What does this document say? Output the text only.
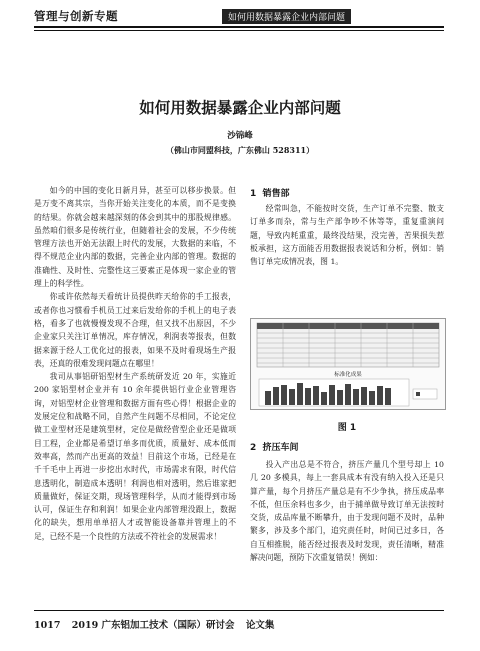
管理与创新专题	如何用数据暴露企业内部问题
如何用数据暴露企业内部问题
沙锦峰
（佛山市同盟科技，广东佛山 528311）

如今的中国的变化日新月异，甚至可以移步换景。但是万变不离其宗，当你开始关注变化的本质，而不是变换的结果。你就会越来越深刻的体会到其中的那股规律感。虽然咱们很多是传统行业，但随着社会的发展，不少传统管理方法也开始无法跟上时代的发展，大数据的来临，不得不规范企业内部的数据，完善企业内部的管理。数据的准确性、及时性、完整性这三要素正是体现一家企业的管理上的科学性。

你或许依然每天看统计员提供昨天给你的手工报表，或者你也习惯看手机员工过来后发给你的手机上的电子表格，看多了也就慢慢发现不合理，但又找不出原因，不少企业家只关注订单情况，库存情况，利润表等报表，但数据来源于经人工优化过的报表，如果不及时看现场生产报表，还真的很难发现问题点在哪里！

我司从事铝研铝型材生产系统研发近 20 年，实施近 200 家铝型材企业并有 10 余年提供铝行业企业管理咨询，对铝型材企业管理和数据方面有些心得！根据企业的发展定位和战略不同，自然产生问题不尽相同，不论定位做工业型材还是建筑型材，定位是做经营型企业还是做项目工程，企业都是希望订单多而优质，质量好、成本低而效率高，然而产出更高的效益！目前这个市场，已经是在千千毛中上再进一步挖出水时代，市场需求有限，时代信息透明化，制造成本透明！利润也相对透明，然后谁家把质量做好，保证交期，现场管理科学，从而才能得到市场认可，保证生存和利润！如果企业内部管理没跟上，数据化的缺失，想用单单招人才或智能设备靠并管理上的不足，已经不是一个良性的方法或不符社会的发展需求！

1 销售部

经常叫急，不能按时交货，生产订单不完整、散支订单多而杂，常与生产部争吵不休等等，重复重演问题，导致内耗重重，最终没结果，没完善，苦果损失惹板承担，这方面能否用数据报表说话和分析，例如：销售订单完成情况表，图 1。

标准化成果
图 1
2 挤压车间

投入产出总是不符合，挤压产量几个型号却上 10 几 20 多模具，每上一套具成本有没有纳入投入还是只算产量，每个月挤压产量总是有不少争执，挤压成品率不低，但压余料也多少，由于捕单做导致订单无法按时交货，成品库量不断攀升，由于发现问题不及时，品种繁多，涉及多个部门，追究责任时，时间已过多日，各自互相推脱，能否经过报表及时发现，责任清晰，精准解决问题，预防下次重复错误！例如：

1017 2019 广东铝加工技术（国际）研讨会 论文集
